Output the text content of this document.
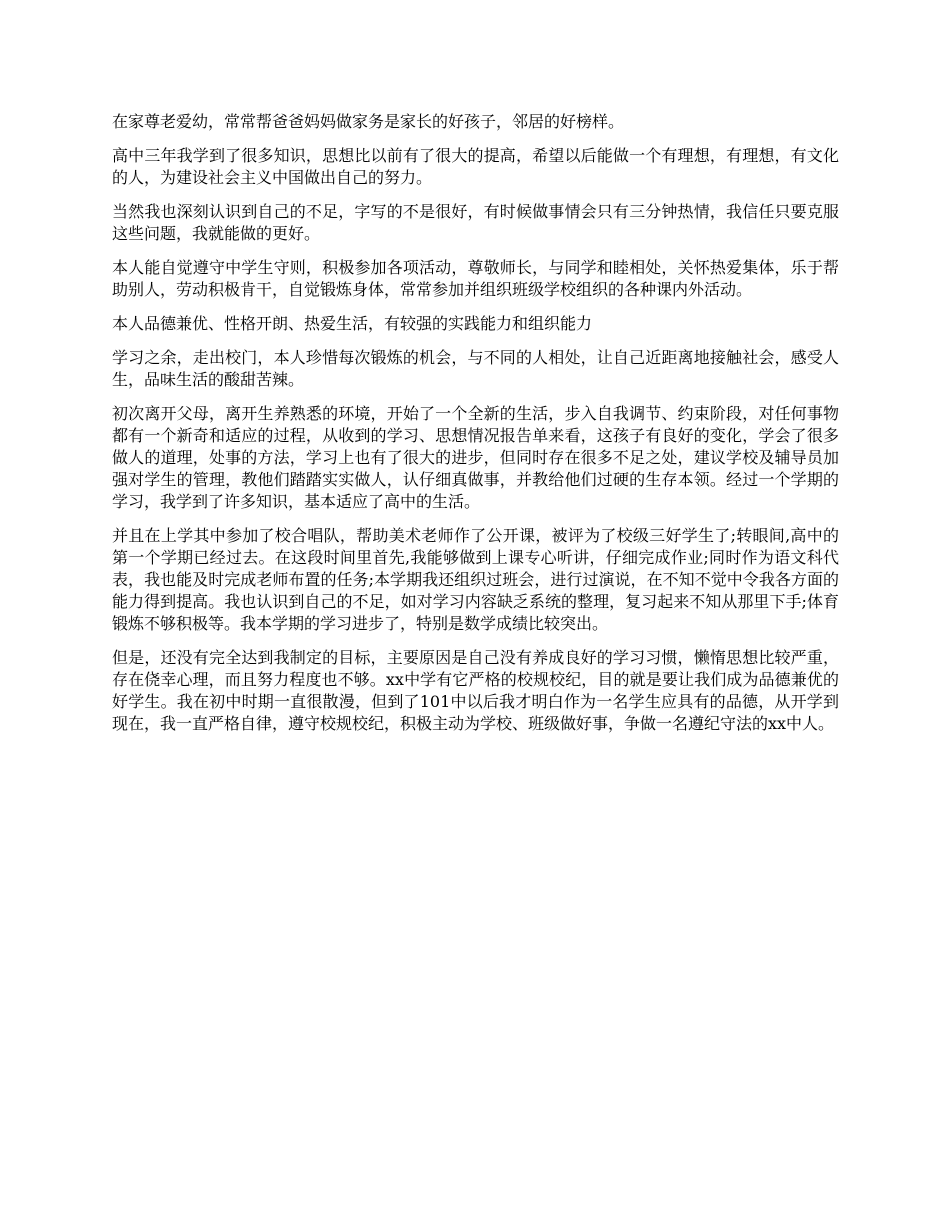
在家尊老爱幼，常常帮爸爸妈妈做家务是家长的好孩子，邻居的好榜样。

高中三年我学到了很多知识，思想比以前有了很大的提高，希望以后能做一个有理想，有理想，有文化的人，为建设社会主义中国做出自己的努力。

当然我也深刻认识到自己的不足，字写的不是很好，有时候做事情会只有三分钟热情，我信任只要克服这些问题，我就能做的更好。

本人能自觉遵守中学生守则，积极参加各项活动，尊敬师长，与同学和睦相处，关怀热爱集体，乐于帮助别人，劳动积极肯干，自觉锻炼身体，常常参加并组织班级学校组织的各种课内外活动。

本人品德兼优、性格开朗、热爱生活，有较强的实践能力和组织能力

学习之余，走出校门，本人珍惜每次锻炼的机会，与不同的人相处，让自己近距离地接触社会，感受人生，品味生活的酸甜苦辣。

初次离开父母，离开生养熟悉的环境，开始了一个全新的生活，步入自我调节、约束阶段，对任何事物都有一个新奇和适应的过程，从收到的学习、思想情况报告单来看，这孩子有良好的变化，学会了很多做人的道理，处事的方法，学习上也有了很大的进步，但同时存在很多不足之处，建议学校及辅导员加强对学生的管理，教他们踏踏实实做人，认仔细真做事，并教给他们过硬的生存本领。经过一个学期的学习，我学到了许多知识，基本适应了高中的生活。

并且在上学其中参加了校合唱队，帮助美术老师作了公开课，被评为了校级三好学生了;转眼间,高中的第一个学期已经过去。在这段时间里首先,我能够做到上课专心听讲，仔细完成作业;同时作为语文科代表，我也能及时完成老师布置的任务;本学期我还组织过班会，进行过演说，在不知不觉中令我各方面的能力得到提高。我也认识到自己的不足，如对学习内容缺乏系统的整理，复习起来不知从那里下手;体育锻炼不够积极等。我本学期的学习进步了，特别是数学成绩比较突出。

但是，还没有完全达到我制定的目标，主要原因是自己没有养成良好的学习习惯，懒惰思想比较严重，存在侥幸心理，而且努力程度也不够。xx中学有它严格的校规校纪，目的就是要让我们成为品德兼优的好学生。我在初中时期一直很散漫，但到了101中以后我才明白作为一名学生应具有的品德，从开学到现在，我一直严格自律，遵守校规校纪，积极主动为学校、班级做好事，争做一名遵纪守法的xx中人。
